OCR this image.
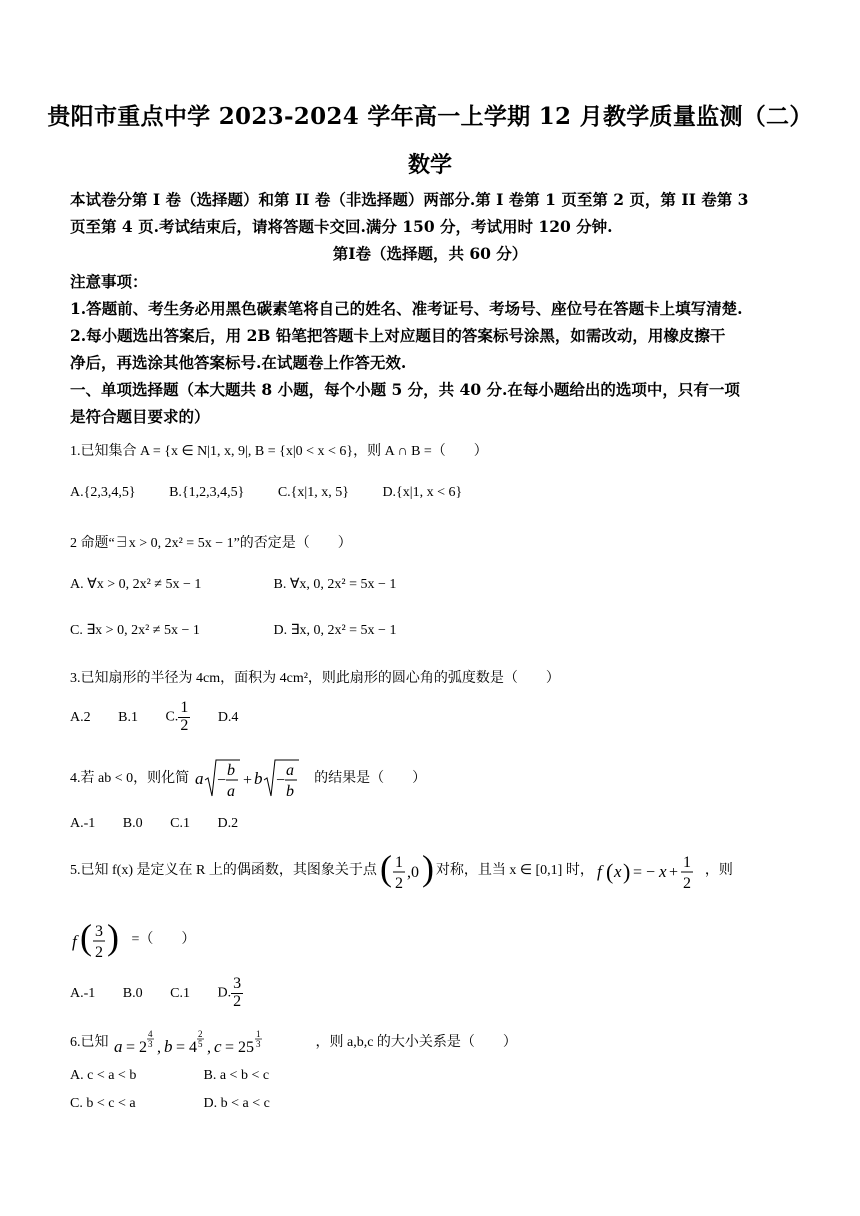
贵阳市重点中学 2023-2024 学年高一上学期 12 月教学质量监测（二）
数学
本试卷分第 I 卷（选择题）和第 II 卷（非选择题）两部分.第 I 卷第 1 页至第 2 页，第 II 卷第 3
页至第 4 页.考试结束后，请将答题卡交回.满分 150 分，考试用时 120 分钟.
第Ⅰ卷（选择题，共 60 分）
注意事项：
1.答题前、考生务必用黑色碳素笔将自己的姓名、准考证号、考场号、座位号在答题卡上填写清楚.
2.每小题选出答案后，用 2B 铅笔把答题卡上对应题目的答案标号涂黑，如需改动，用橡皮擦干
净后，再选涂其他答案标号.在试题卷上作答无效.
一、单项选择题（本大题共 8 小题，每个小题 5 分，共 40 分.在每小题给出的选项中，只有一项
是符合题目要求的）
1.已知集合 A = {x ∈ N|1, x, 9|, B = {x|0 < x < 6}，则 A ∩ B =（　　）
A.{2,3,4,5} B.{1,2,3,4,5} C.{x|1, x, 5} D.{x|1, x < 6}
2 命题“∃x > 0, 2x² = 5x − 1”的否定是（　　）
A. ∀x > 0, 2x² ≠ 5x − 1	B. ∀x, 0, 2x² = 5x − 1
C. ∃x > 0, 2x² ≠ 5x − 1	D. ∃x, 0, 2x² = 5x − 1
3.已知扇形的半径为 4cm，面积为 4cm²，则此扇形的圆心角的弧度数是（　　）
A.2 B.1 C. $\frac{1}{2} D.4$
4.若 ab < 0，则化简 a −
b
a
+ b −
a
b
的结果是（　　）
A.-1 B.0 C.1 D.2
5.已知 f(x) 是定义在 R 上的偶函数，其图象关于点 ( 1
2
,0 ) 对称，且当 x ∈ [0,1] 时， f ( x ) = − x +
1
2
，则
f ( 3
2 ) =（　　）
A.-1 B.0 C.1 D. $\frac{3}{2}$
6.已知 a = 2
4
3 , b = 4
2
5 , c = 25
1
3	，则 a,b,c 的大小关系是（　　）
A. c < a < b	B. a < b < c
C. b < c < a	D. b < a < c
